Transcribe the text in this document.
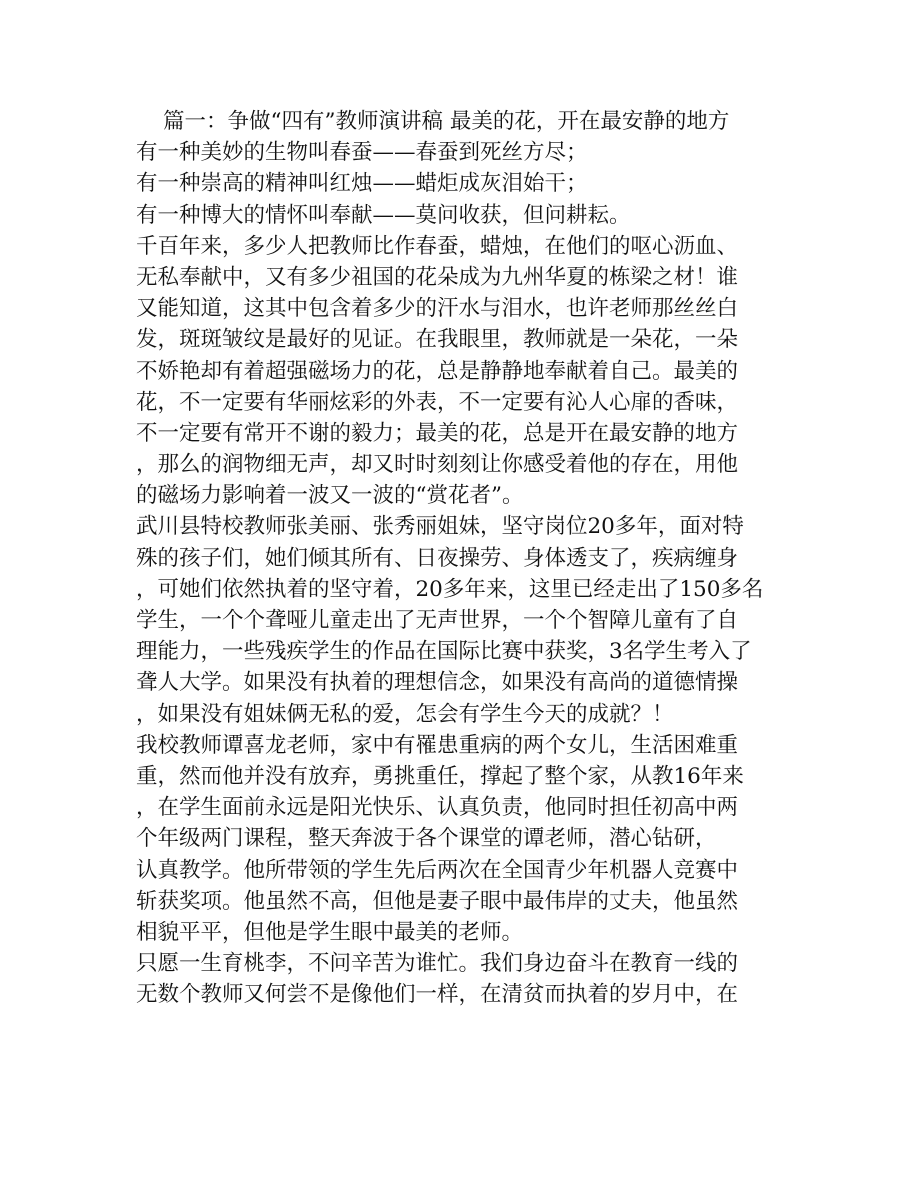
篇一：争做“四有”教师演讲稿 最美的花，开在最安静的地方
有一种美妙的生物叫春蚕——春蚕到死丝方尽；
有一种崇高的精神叫红烛——蜡炬成灰泪始干；
有一种博大的情怀叫奉献——莫问收获，但问耕耘。
千百年来，多少人把教师比作春蚕，蜡烛，在他们的呕心沥血、
无私奉献中，又有多少祖国的花朵成为九州华夏的栋梁之材！谁
又能知道，这其中包含着多少的汗水与泪水，也许老师那丝丝白
发，斑斑皱纹是最好的见证。在我眼里，教师就是一朵花，一朵
不娇艳却有着超强磁场力的花，总是静静地奉献着自己。最美的
花，不一定要有华丽炫彩的外表，不一定要有沁人心扉的香味，
不一定要有常开不谢的毅力；最美的花，总是开在最安静的地方
，那么的润物细无声，却又时时刻刻让你感受着他的存在，用他
的磁场力影响着一波又一波的“赏花者”。
武川县特校教师张美丽、张秀丽姐妹，坚守岗位20多年，面对特
殊的孩子们，她们倾其所有、日夜操劳、身体透支了，疾病缠身
，可她们依然执着的坚守着，20多年来，这里已经走出了150多名
学生，一个个聋哑儿童走出了无声世界，一个个智障儿童有了自
理能力，一些残疾学生的作品在国际比赛中获奖，3名学生考入了
聋人大学。如果没有执着的理想信念，如果没有高尚的道德情操
，如果没有姐妹俩无私的爱，怎会有学生今天的成就？！
我校教师谭喜龙老师，家中有罹患重病的两个女儿，生活困难重
重，然而他并没有放弃，勇挑重任，撑起了整个家，从教16年来
，在学生面前永远是阳光快乐、认真负责，他同时担任初高中两
个年级两门课程，整天奔波于各个课堂的谭老师，潜心钻研，
认真教学。他所带领的学生先后两次在全国青少年机器人竞赛中
斩获奖项。他虽然不高，但他是妻子眼中最伟岸的丈夫，他虽然
相貌平平，但他是学生眼中最美的老师。
只愿一生育桃李，不问辛苦为谁忙。我们身边奋斗在教育一线的
无数个教师又何尝不是像他们一样，在清贫而执着的岁月中，在
